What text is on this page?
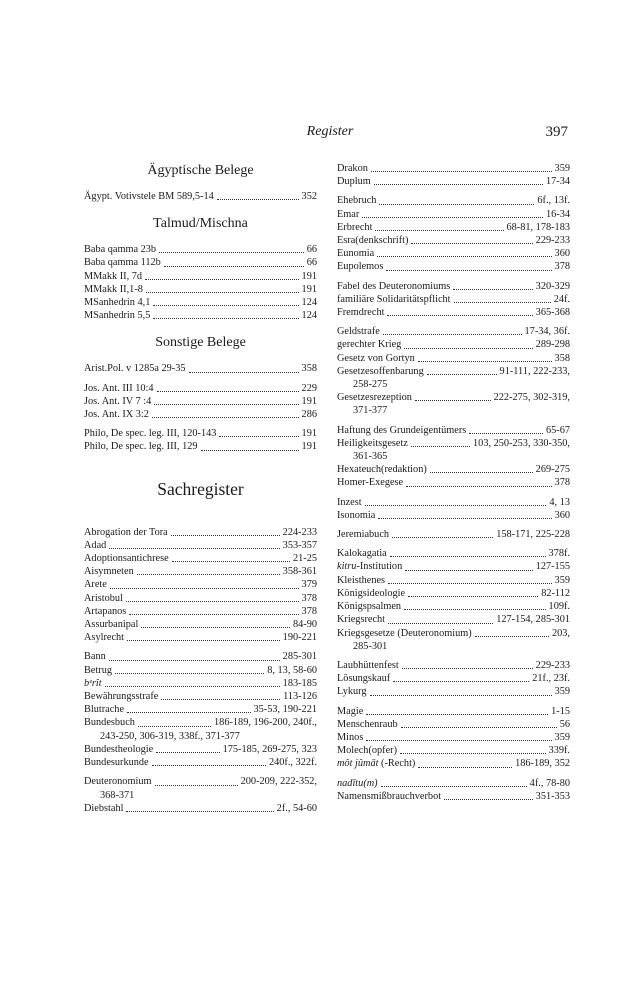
Register	397
Ägyptische Belege
Ägypt. Votivstele BM 589,5-14	352
Talmud/Mischna
Baba qamma 23b	66
Baba qamma 112b	66
MMakk II, 7d	191
MMakk II,1-8	191
MSanhedrin 4,1	124
MSanhedrin 5,5	124
Sonstige Belege
Arist.Pol. v 1285a 29-35	358
Jos. Ant. III 10:4	229
Jos. Ant. IV 7 :4	191
Jos. Ant. IX 3:2	286
Philo, De spec. leg. III, 120-143	191
Philo, De spec. leg. III, 129	191
Sachregister
Abrogation der Tora	224-233
Adad	353-357
Adoptionsantichrese	21-25
Aisymneten	358-361
Arete	379
Aristobul	378
Artapanos	378
Assurbanipal	84-90
Asylrecht	190-221
Bann	285-301
Betrug	8, 13, 58-60
bᵉrît	183-185
Bewährungsstrafe	113-126
Blutrache	35-53, 190-221
Bundesbuch	186-189, 196-200, 240f.,
243-250, 306-319, 338f., 371-377
Bundestheologie	175-185, 269-275, 323
Bundesurkunde	240f., 322f.
Deuteronomium	200-209, 222-352,
368-371
Diebstahl	2f., 54-60
Drakon	359
Duplum	17-34
Ehebruch	6f., 13f.
Emar	16-34
Erbrecht	68-81, 178-183
Esra(denkschrift)	229-233
Eunomia	360
Eupolemos	378
Fabel des Deuteronomiums	320-329
familiäre Solidaritätspflicht	24f.
Fremdrecht	365-368
Geldstrafe	17-34, 36f.
gerechter Krieg	289-298
Gesetz von Gortyn	358
Gesetzesoffenbarung	91-111, 222-233,
258-275
Gesetzesrezeption	222-275, 302-319,
371-377
Haftung des Grundeigentümers	65-67
Heiligkeitsgesetz	103, 250-253, 330-350,
361-365
Hexateuch(redaktion)	269-275
Homer-Exegese	378
Inzest	4, 13
Isonomia	360
Jeremiabuch	158-171, 225-228
Kalokagatia	378f.
kitru-Institution	127-155
Kleisthenes	359
Königsideologie	82-112
Königspsalmen	109f.
Kriegsrecht	127-154, 285-301
Kriegsgesetze (Deuteronomium)	203,
285-301
Laubhüttenfest	229-233
Lösungskauf	21f., 23f.
Lykurg	359
Magie	1-15
Menschenraub	56
Minos	359
Molech(opfer)	339f.
môt jûmāt (-Recht)	186-189, 352
nadītu(m)	4f., 78-80
Namensmißbrauchverbot	351-353
